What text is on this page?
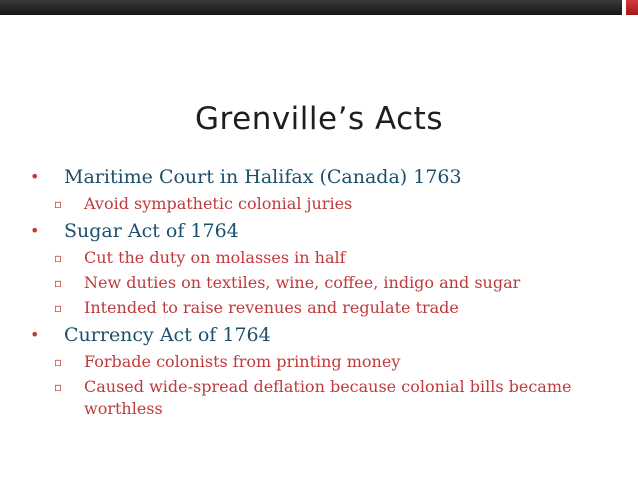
Grenville’s Acts
• Maritime Court in Halifax (Canada) 1763
▫ Avoid sympathetic colonial juries
• Sugar Act of 1764
▫ Cut the duty on molasses in half
▫ New duties on textiles, wine, coffee, indigo and sugar
▫ Intended to raise revenues and regulate trade
• Currency Act of 1764
▫ Forbade colonists from printing money
▫ Caused wide-spread deflation because colonial bills became worthless
